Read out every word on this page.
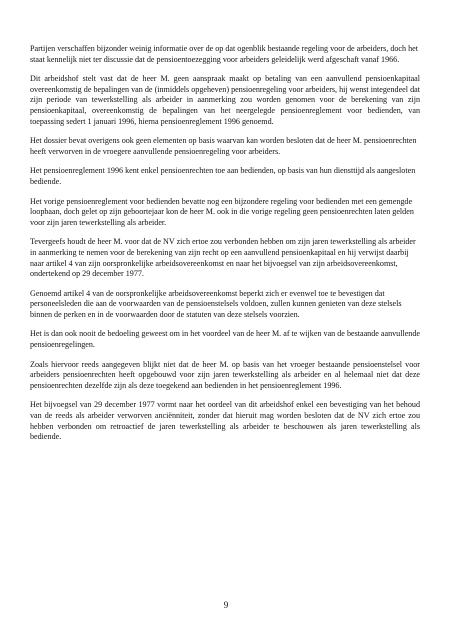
Partijen verschaffen bijzonder weinig informatie over de op dat ogenblik bestaande regeling voor de arbeiders, doch het staat kennelijk niet ter discussie dat de pensioentoezegging voor arbeiders geleidelijk werd afgeschaft vanaf 1966.

Dit arbeidshof stelt vast dat de heer M. geen aanspraak maakt op betaling van een aanvullend pensioenkapitaal overeenkomstig de bepalingen van de (inmiddels opgeheven) pensioenregeling voor arbeiders, hij wenst integendeel dat zijn periode van tewerkstelling als arbeider in aanmerking zou worden genomen voor de berekening van zijn pensioenkapitaal, overeenkomstig de bepalingen van het neergelegde pensioenreglement voor bedienden, van toepassing sedert 1 januari 1996, hierna pensioenreglement 1996 genoemd.

Het dossier bevat overigens ook geen elementen op basis waarvan kan worden besloten dat de heer M. pensioenrechten heeft verworven in de vroegere aanvullende pensioenregeling voor arbeiders.

Het pensioenreglement 1996 kent enkel pensioenrechten toe aan bedienden, op basis van hun diensttijd als aangesloten bediende.

Het vorige pensioenreglement voor bedienden bevatte nog een bijzondere regeling voor bedienden met een gemengde loopbaan, doch gelet op zijn geboortejaar kon de heer M. ook in die vorige regeling geen pensioenrechten laten gelden voor zijn jaren tewerkstelling als arbeider.

Tevergeefs houdt de heer M. voor dat de NV zich ertoe zou verbonden hebben om zijn jaren tewerkstelling als arbeider in aanmerking te nemen voor de berekening van zijn recht op een aanvullend pensioenkapitaal en hij verwijst daarbij naar artikel 4 van zijn oorspronkelijke arbeidsovereenkomst en naar het bijvoegsel van zijn arbeidsovereenkomst, ondertekend op 29 december 1977.

Genoemd artikel 4 van de oorspronkelijke arbeidsovereenkomst beperkt zich er evenwel toe te bevestigen dat personeelsleden die aan de voorwaarden van de pensioenstelsels voldoen, zullen kunnen genieten van deze stelsels binnen de perken en in de voorwaarden door de statuten van deze stelsels voorzien.

Het is dan ook nooit de bedoeling geweest om in het voordeel van de heer M. af te wijken van de bestaande aanvullende pensioenregelingen.

Zoals hiervoor reeds aangegeven blijkt niet dat de heer M. op basis van het vroeger bestaande pensioenstelsel voor arbeiders pensioenrechten heeft opgebouwd voor zijn jaren tewerkstelling als arbeider en al helemaal niet dat deze pensioenrechten dezelfde zijn als deze toegekend aan bedienden in het pensioenreglement 1996.

Het bijvoegsel van 29 december 1977 vormt naar het oordeel van dit arbeidshof enkel een bevestiging van het behoud van de reeds als arbeider verworven anciënniteit, zonder dat hieruit mag worden besloten dat de NV zich ertoe zou hebben verbonden om retroactief de jaren tewerkstelling als arbeider te beschouwen als jaren tewerkstelling als bediende.

9
